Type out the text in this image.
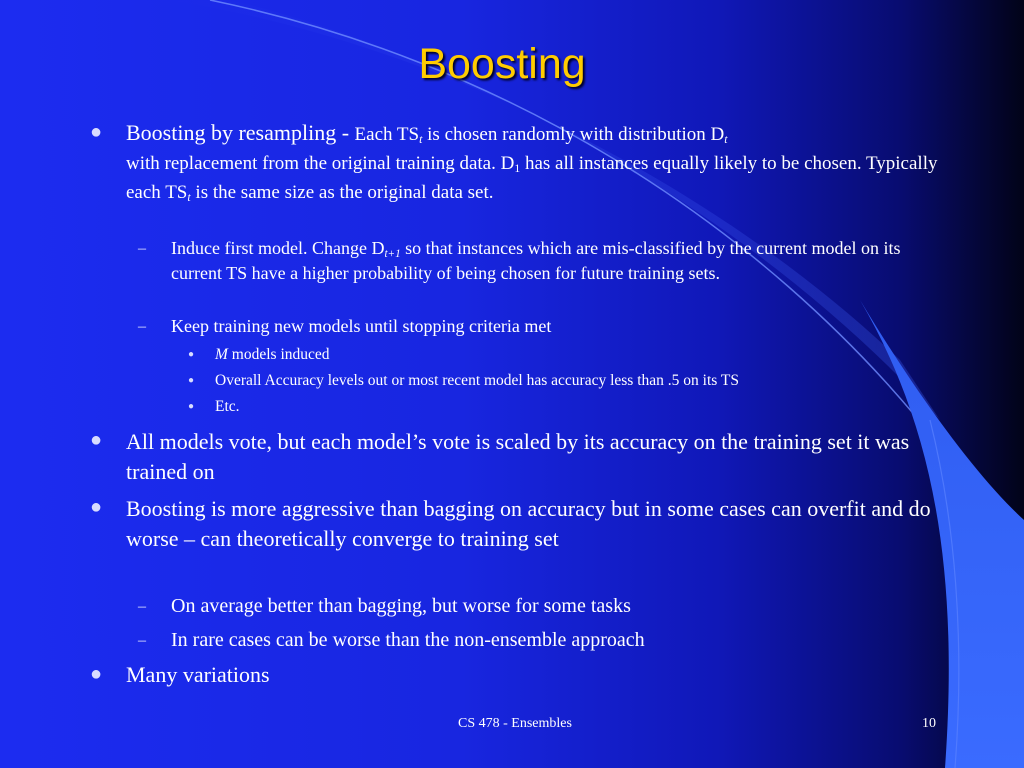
Boosting
● Boosting by resampling - Each $TS_t$ is chosen randomly with distribution $D_t$
with replacement from the original training data. $D_1$ has all instances equally likely to be chosen. Typically each $TS_t$ is the same size as the original data set.
– Induce first model. Change $D_{t+1}$ so that instances which are mis-classified by the current model on its current TS have a higher probability of being chosen for future training sets.
– Keep training new models until stopping criteria met
● M models induced
● Overall Accuracy levels out or most recent model has accuracy less than .5 on its TS
● Etc.
● All models vote, but each model’s vote is scaled by its accuracy on the training set it was trained on
● Boosting is more aggressive than bagging on accuracy but in some cases can overfit and do worse – can theoretically converge to training set
– On average better than bagging, but worse for some tasks
– In rare cases can be worse than the non-ensemble approach
● Many variations
CS 478 - Ensembles	10
